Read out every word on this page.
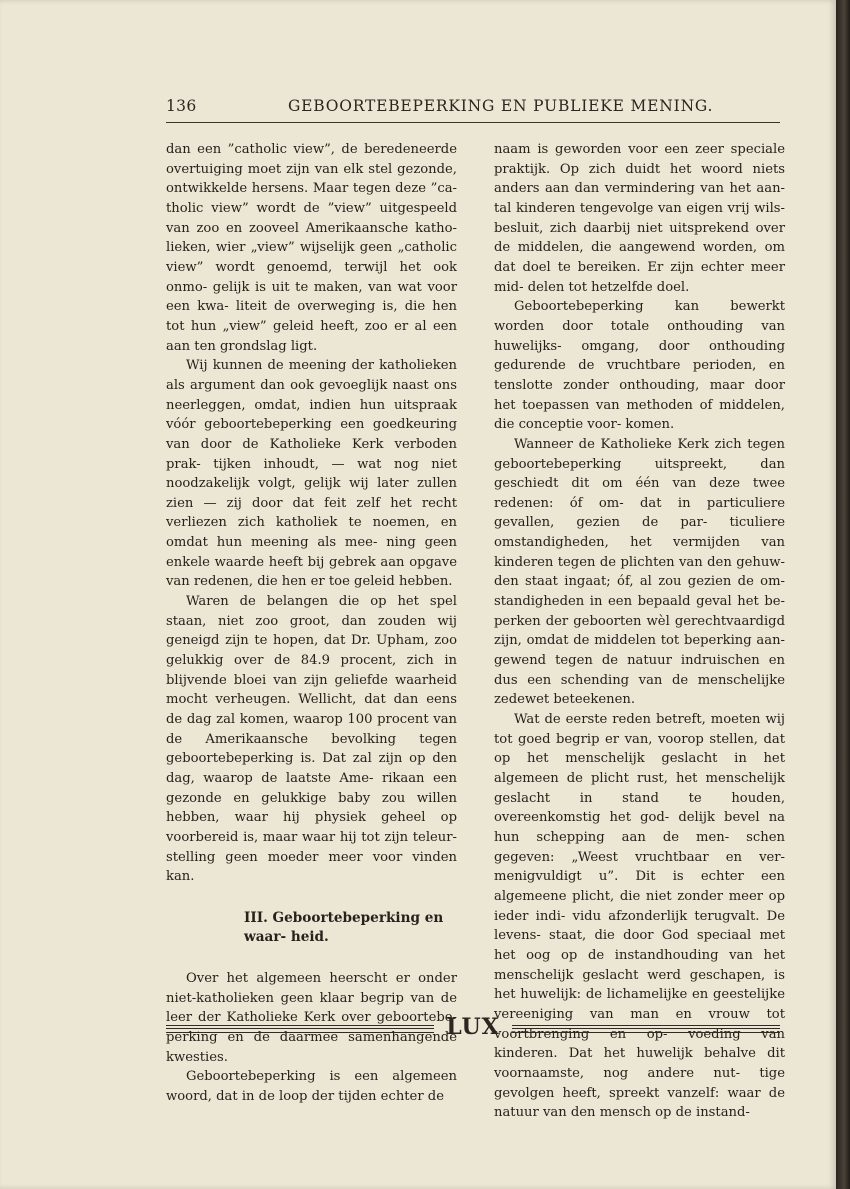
136	GEBOORTEBEPERKING EN PUBLIEKE MENING.

dan een ”catholic view”, de beredeneerde overtuiging moet zijn van elk stel gezonde, ontwikkelde hersens. Maar tegen deze ”ca- tholic view” wordt de ”view” uitgespeeld van zoo en zooveel Amerikaansche katho- lieken, wier „view” wijselijk geen „catholic view” wordt genoemd, terwijl het ook onmo- gelijk is uit te maken, van wat voor een kwa- liteit de overweging is, die hen tot hun „view” geleid heeft, zoo er al een aan ten grondslag ligt.

Wij kunnen de meening der katholieken als argument dan ook gevoeglijk naast ons neerleggen, omdat, indien hun uitspraak vóór geboortebeperking een goedkeuring van door de Katholieke Kerk verboden prak- tijken inhoudt, — wat nog niet noodzakelijk volgt, gelijk wij later zullen zien — zij door dat feit zelf het recht verliezen zich katholiek te noemen, en omdat hun meening als mee- ning geen enkele waarde heeft bij gebrek aan opgave van redenen, die hen er toe geleid hebben.

Waren de belangen die op het spel staan, niet zoo groot, dan zouden wij geneigd zijn te hopen, dat Dr. Upham, zoo gelukkig over de 84.9 procent, zich in blijvende bloei van zijn geliefde waarheid mocht verheugen. Wellicht, dat dan eens de dag zal komen, waarop 100 procent van de Amerikaansche bevolking tegen geboortebeperking is. Dat zal zijn op den dag, waarop de laatste Ame- rikaan een gezonde en gelukkige baby zou willen hebben, waar hij physiek geheel op voorbereid is, maar waar hij tot zijn teleur- stelling geen moeder meer voor vinden kan.

III. Geboortebeperking en waar- heid.

Over het algemeen heerscht er onder niet-katholieken geen klaar begrip van de leer der Katholieke Kerk over geboortebe- perking en de daarmee samenhangende kwesties.

Geboortebeperking is een algemeen woord, dat in de loop der tijden echter de

naam is geworden voor een zeer speciale praktijk. Op zich duidt het woord niets anders aan dan vermindering van het aan- tal kinderen tengevolge van eigen vrij wils- besluit, zich daarbij niet uitsprekend over de middelen, die aangewend worden, om dat doel te bereiken. Er zijn echter meer mid- delen tot hetzelfde doel.

Geboortebeperking kan bewerkt worden door totale onthouding van huwelijks- omgang, door onthouding gedurende de vruchtbare perioden, en tenslotte zonder onthouding, maar door het toepassen van methoden of middelen, die conceptie voor- komen.

Wanneer de Katholieke Kerk zich tegen geboortebeperking uitspreekt, dan geschiedt dit om één van deze twee redenen: óf om- dat in particuliere gevallen, gezien de par- ticuliere omstandigheden, het vermijden van kinderen tegen de plichten van den gehuw- den staat ingaat; óf, al zou gezien de om- standigheden in een bepaald geval het be- perken der geboorten wèl gerechtvaardigd zijn, omdat de middelen tot beperking aan- gewend tegen de natuur indruischen en dus een schending van de menschelijke zedewet beteekenen.

Wat de eerste reden betreft, moeten wij tot goed begrip er van, voorop stellen, dat op het menschelijk geslacht in het algemeen de plicht rust, het menschelijk geslacht in stand te houden, overeenkomstig het god- delijk bevel na hun schepping aan de men- schen gegeven: „Weest vruchtbaar en ver- menigvuldigt u”. Dit is echter een algemeene plicht, die niet zonder meer op ieder indi- vidu afzonderlijk terugvalt. De levens- staat, die door God speciaal met het oog op de instandhouding van het menschelijk geslacht werd geschapen, is het huwelijk: de lichamelijke en geestelijke vereeniging van man en vrouw tot voortbrenging en op- voeding van kinderen. Dat het huwelijk behalve dit voornaamste, nog andere nut- tige gevolgen heeft, spreekt vanzelf: waar de natuur van den mensch op de instand-

LUX
